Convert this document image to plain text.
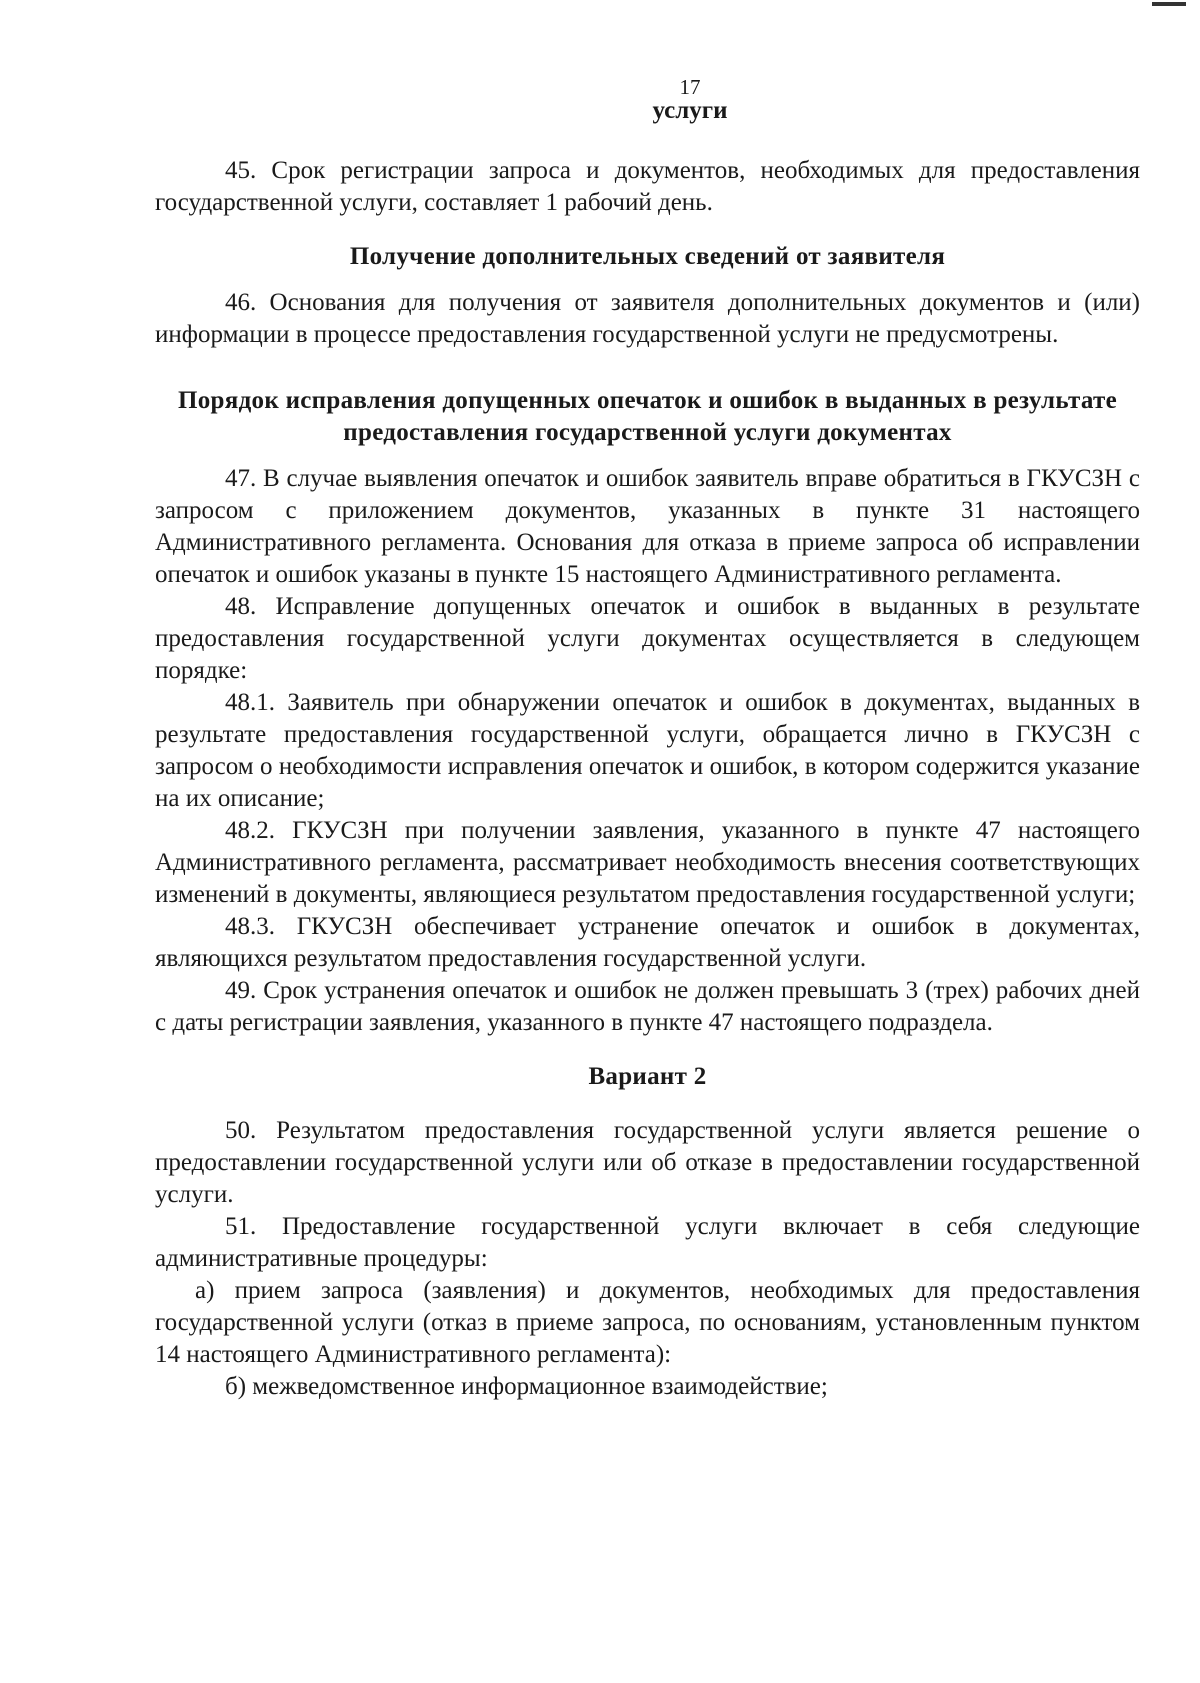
17
услуги

45. Срок регистрации запроса и документов, необходимых для предоставления государственной услуги, составляет 1 рабочий день.

Получение дополнительных сведений от заявителя

46. Основания для получения от заявителя дополнительных документов и (или) информации в процессе предоставления государственной услуги не предусмотрены.

Порядок исправления допущенных опечаток и ошибок в выданных в результате предоставления государственной услуги документах

47. В случае выявления опечаток и ошибок заявитель вправе обратиться в ГКУСЗН с запросом с приложением документов, указанных в пункте 31 настоящего Административного регламента. Основания для отказа в приеме запроса об исправлении опечаток и ошибок указаны в пункте 15 настоящего Административного регламента.

48. Исправление допущенных опечаток и ошибок в выданных в результате предоставления государственной услуги документах осуществляется в следующем порядке:

48.1. Заявитель при обнаружении опечаток и ошибок в документах, выданных в результате предоставления государственной услуги, обращается лично в ГКУСЗН с запросом о необходимости исправления опечаток и ошибок, в котором содержится указание на их описание;

48.2. ГКУСЗН при получении заявления, указанного в пункте 47 настоящего Административного регламента, рассматривает необходимость внесения соответствующих изменений в документы, являющиеся результатом предоставления государственной услуги;

48.3. ГКУСЗН обеспечивает устранение опечаток и ошибок в документах, являющихся результатом предоставления государственной услуги.

49. Срок устранения опечаток и ошибок не должен превышать 3 (трех) рабочих дней с даты регистрации заявления, указанного в пункте 47 настоящего подраздела.

Вариант 2

50. Результатом предоставления государственной услуги является решение о предоставлении государственной услуги или об отказе в предоставлении государственной услуги.

51. Предоставление государственной услуги включает в себя следующие административные процедуры:

а) прием запроса (заявления) и документов, необходимых для предоставления государственной услуги (отказ в приеме запроса, по основаниям, установленным пунктом 14 настоящего Административного регламента):

б) межведомственное информационное взаимодействие;
